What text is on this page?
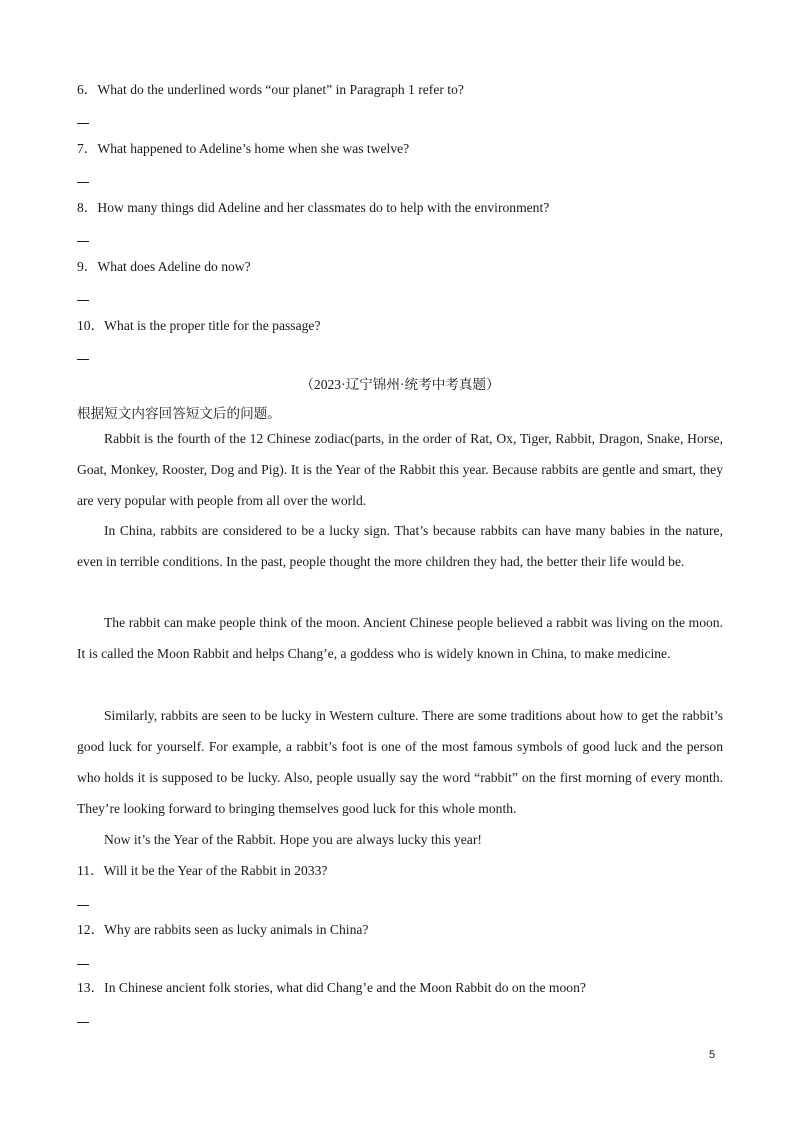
6．What do the underlined words “our planet” in Paragraph 1 refer to?
7．What happened to Adeline’s home when she was twelve?
8．How many things did Adeline and her classmates do to help with the environment?
9．What does Adeline do now?
10．What is the proper title for the passage?
（2023·辽宁锦州·统考中考真题）
根据短文内容回答短文后的问题。

Rabbit is the fourth of the 12 Chinese zodiac(parts, in the order of Rat, Ox, Tiger, Rabbit, Dragon, Snake, Horse, Goat, Monkey, Rooster, Dog and Pig). It is the Year of the Rabbit this year. Because rabbits are gentle and smart, they are very popular with people from all over the world.

In China, rabbits are considered to be a lucky sign. That’s because rabbits can have many babies in the nature, even in terrible conditions. In the past, people thought the more children they had, the better their life would be.

The rabbit can make people think of the moon. Ancient Chinese people believed a rabbit was living on the moon. It is called the Moon Rabbit and helps Chang’e, a goddess who is widely known in China, to make medicine.

Similarly, rabbits are seen to be lucky in Western culture. There are some traditions about how to get the rabbit’s good luck for yourself. For example, a rabbit’s foot is one of the most famous symbols of good luck and the person who holds it is supposed to be lucky. Also, people usually say the word “rabbit” on the first morning of every month. They’re looking forward to bringing themselves good luck for this whole month.

Now it’s the Year of the Rabbit. Hope you are always lucky this year!

11．Will it be the Year of the Rabbit in 2033?
12．Why are rabbits seen as lucky animals in China?
13．In Chinese ancient folk stories, what did Chang’e and the Moon Rabbit do on the moon?
5
